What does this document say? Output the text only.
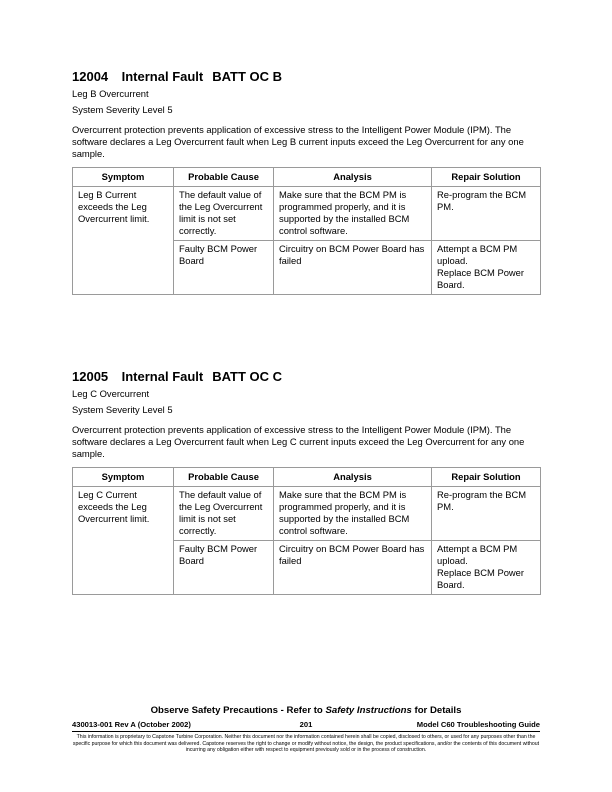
12004 Internal Fault BATT OC B

Leg B Overcurrent

System Severity Level 5

Overcurrent protection prevents application of excessive stress to the Intelligent Power Module (IPM). The software declares a Leg Overcurrent fault when Leg B current inputs exceed the Leg Overcurrent for any one sample.

Symptom	Probable Cause	Analysis	Repair Solution
Leg B Current exceeds the Leg Overcurrent limit.	The default value of the Leg Overcurrent limit is not set correctly.	Make sure that the BCM PM is programmed properly, and it is supported by the installed BCM control software.	Re-program the BCM PM.
	Faulty BCM Power Board	Circuitry on BCM Power Board has failed	Attempt a BCM PM upload.
Replace BCM Power Board.

12005 Internal Fault BATT OC C

Leg C Overcurrent

System Severity Level 5

Overcurrent protection prevents application of excessive stress to the Intelligent Power Module (IPM). The software declares a Leg Overcurrent fault when Leg C current inputs exceed the Leg Overcurrent for any one sample.

Symptom	Probable Cause	Analysis	Repair Solution
Leg C Current exceeds the Leg Overcurrent limit.	The default value of the Leg Overcurrent limit is not set correctly.	Make sure that the BCM PM is programmed properly, and it is supported by the installed BCM control software.	Re-program the BCM PM.
	Faulty BCM Power Board	Circuitry on BCM Power Board has failed	Attempt a BCM PM upload.
Replace BCM Power Board.
Observe Safety Precautions - Refer to Safety Instructions for Details
430013-001 Rev A (October 2002)	201	Model C60 Troubleshooting Guide
This information is proprietary to Capstone Turbine Corporation. Neither this document nor the information contained herein shall be copied, disclosed to others, or used for any purposes other than the specific purpose for which this document was delivered. Capstone reserves the right to change or modify without notice, the design, the product specifications, and/or the contents of this document without incurring any obligation either with respect to equipment previously sold or in the process of construction.
